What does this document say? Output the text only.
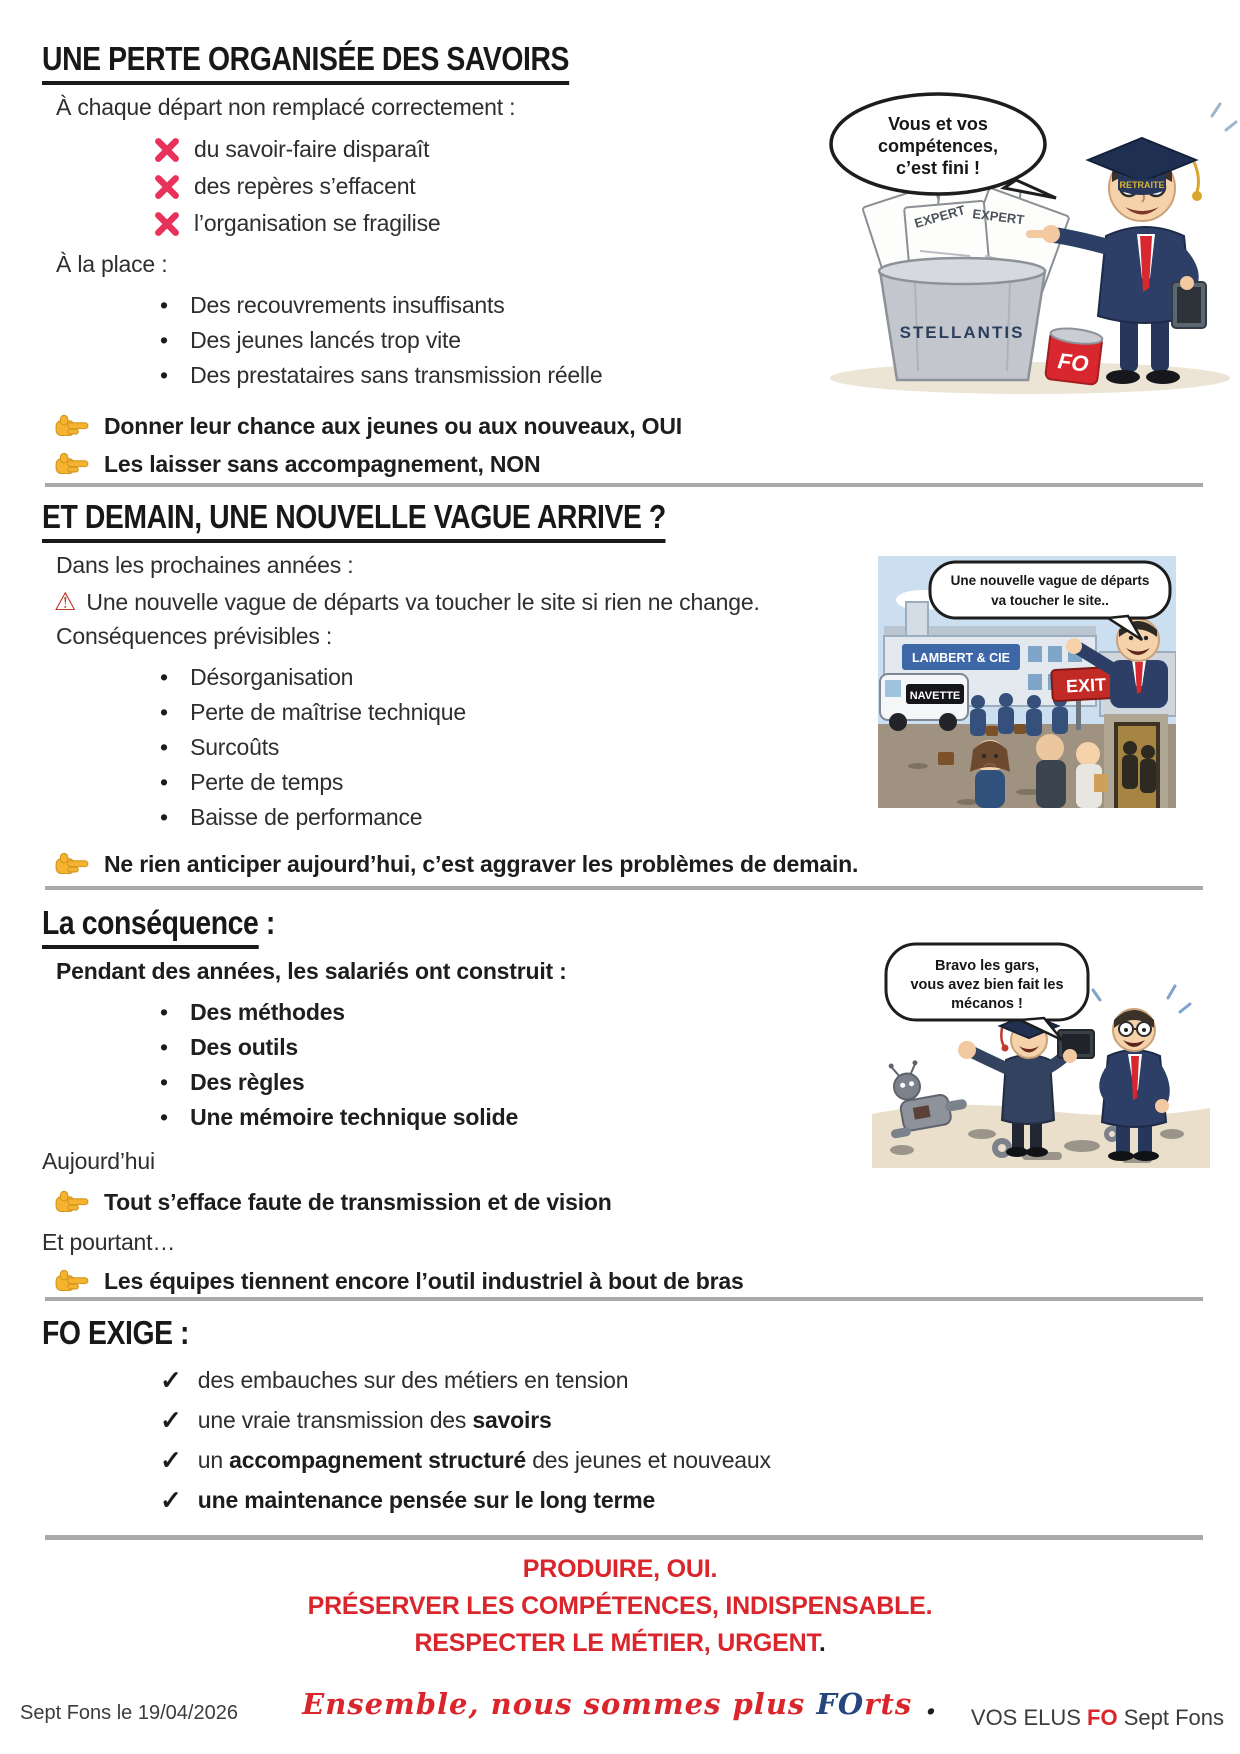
UNE PERTE ORGANISÉE DES SAVOIRS
À chaque départ non remplacé correctement :
du savoir-faire disparaît
des repères s’effacent
l’organisation se fragilise
À la place :
• Des recouvrements insuffisants
• Des jeunes lancés trop vite
• Des prestataires sans transmission réelle
Donner leur chance aux jeunes ou aux nouveaux, OUI
Les laisser sans accompagnement, NON
EXPERT EXPERT
STELLANTIS
FO
RETRAITE
Vous et vos
compétences,
c’est fini !
ET DEMAIN, UNE NOUVELLE VAGUE ARRIVE ?
Dans les prochaines années :
⚠ Une nouvelle vague de départs va toucher le site si rien ne change.
Conséquences prévisibles :
• Désorganisation
• Perte de maîtrise technique
• Surcoûts
• Perte de temps
• Baisse de performance
Ne rien anticiper aujourd’hui, c’est aggraver les problèmes de demain.
LAMBERT & CIE
NAVETTE	EXIT
Une nouvelle vague de départs
va toucher le site..
La conséquence :
Pendant des années, les salariés ont construit :
• Des méthodes
• Des outils
• Des règles
• Une mémoire technique solide
Aujourd’hui
Tout s’efface faute de transmission et de vision
Et pourtant…
Les équipes tiennent encore l’outil industriel à bout de bras
Bravo les gars,
vous avez bien fait les
mécanos !
FO EXIGE :
✓ des embauches sur des métiers en tension
✓ une vraie transmission des savoirs
✓ un accompagnement structuré des jeunes et nouveaux
✓ une maintenance pensée sur le long terme
PRODUIRE, OUI.
PRÉSERVER LES COMPÉTENCES, INDISPENSABLE.
RESPECTER LE MÉTIER, URGENT.
Sept Fons le 19/04/2026	Ensemble, nous sommes plus FOrts .	VOS ELUS FO Sept Fons
